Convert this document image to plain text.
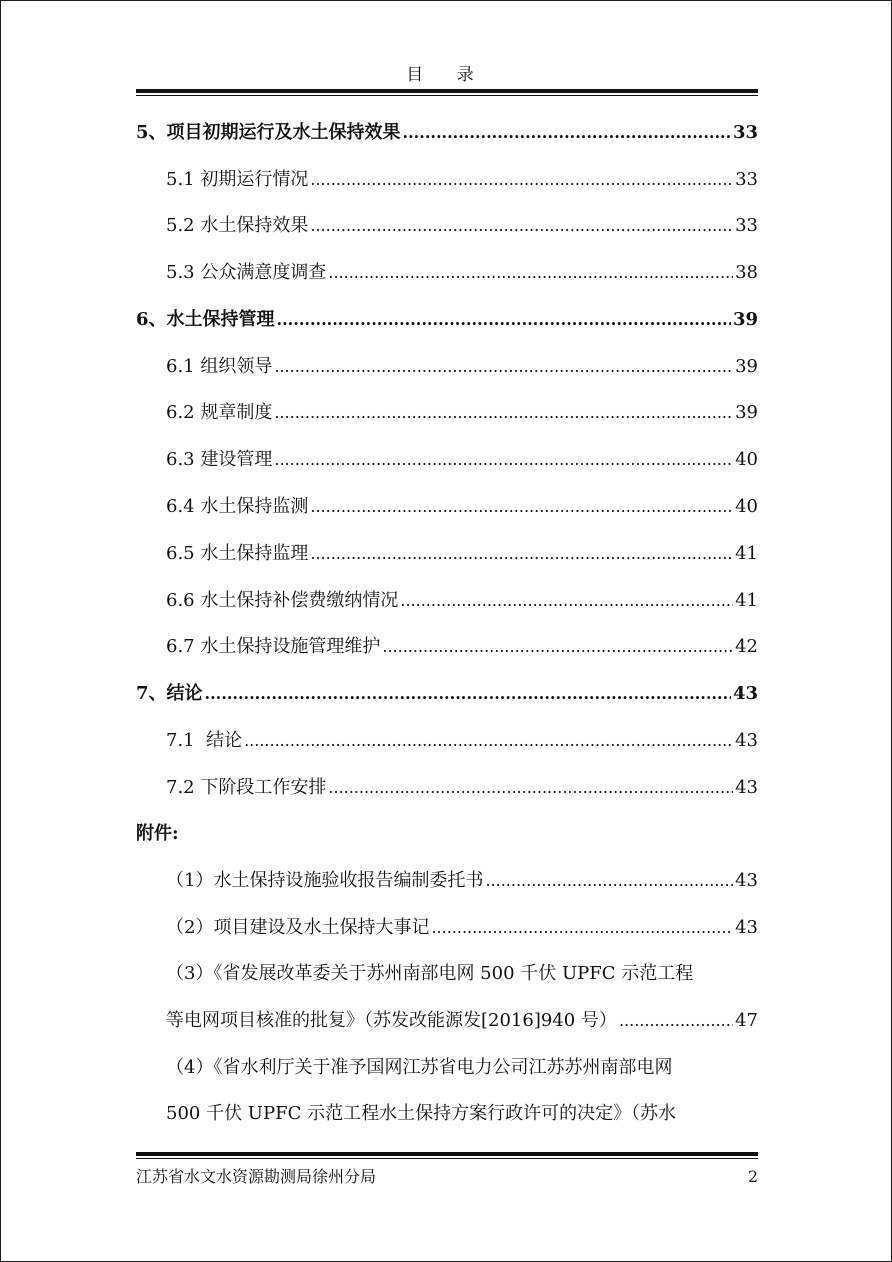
目 录
5、项目初期运行及水土保持效果 .....	33
5.1 初期运行情况 .....	33
5.2 水土保持效果 .....	33
5.3 公众满意度调查 .....	38
6、水土保持管理 .....	39
6.1 组织领导 .....	39
6.2 规章制度 .....	39
6.3 建设管理 .....	40
6.4 水土保持监测 .....	40
6.5 水土保持监理 .....	41
6.6 水土保持补偿费缴纳情况 .....	41
6.7 水土保持设施管理维护 .....	42
7、结论 .....	43
7.1  结论 .....	43
7.2 下阶段工作安排 .....	43
附件:
（1）水土保持设施验收报告编制委托书 .....	43
（2）项目建设及水土保持大事记 .....	43
（3）《省发展改革委关于苏州南部电网 500 千伏 UPFC 示范工程
等电网项目核准的批复》（苏发改能源发[2016]940 号） .....	47
（4）《省水利厅关于准予国网江苏省电力公司江苏苏州南部电网
500 千伏 UPFC 示范工程水土保持方案行政许可的决定》（苏水
江苏省水文水资源勘测局徐州分局	2
